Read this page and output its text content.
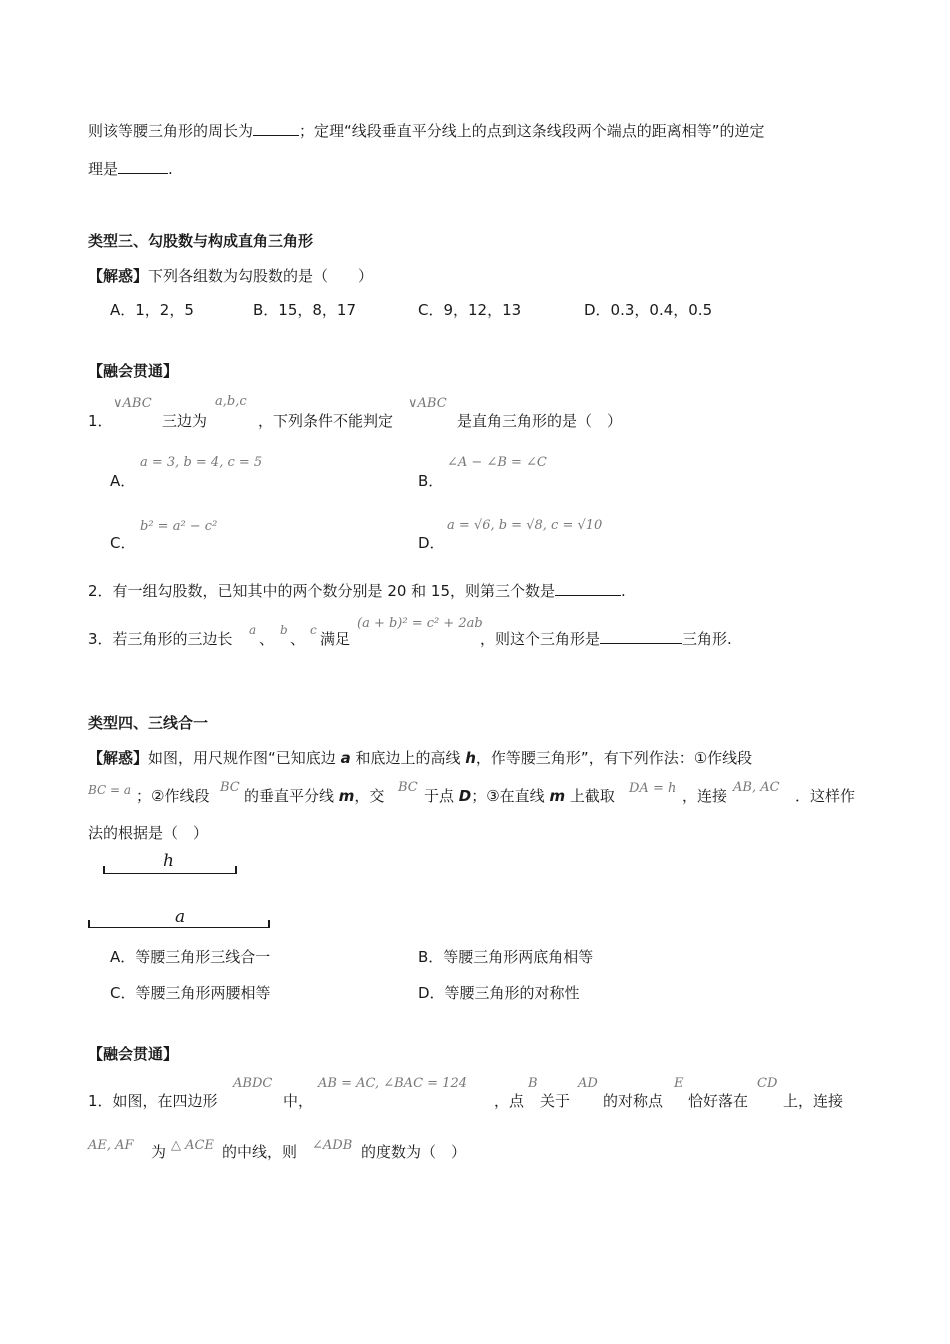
则该等腰三角形的周长为	；定理“线段垂直平分线上的点到这条线段两个端点的距离相等”的逆定
理是	.
类型三、勾股数与构成直角三角形
【解惑】下列各组数为勾股数的是（　　）
A．1，2，5	B．15，8，17	C．9，12，13	D．0.3，0.4，0.5
【融会贯通】
1．
∨ABC
三边为
a,b,c
，下列条件不能判定
∨ABC
是直角三角形的是（　）
A．
a = 3, b = 4, c = 5
B．
∠A − ∠B = ∠C
C．
b² = a² − c²
D．
a = √6, b = √8, c = √10
2．有一组勾股数，已知其中的两个数分别是 20 和 15，则第三个数是	.
3．若三角形的三边长 a 、 b 、 c 满足
(a + b)² = c² + 2ab
，则这个三角形是	三角形.
类型四、三线合一
【解惑】如图，用尺规作图“已知底边 a 和底边上的高线 h，作等腰三角形”，有下列作法：①作线段
BC = a ；②作线段 BC 的垂直平分线 m，交 BC 于点 D；③在直线 m 上截取 DA = h ，连接 AB, AC ．这样作
法的根据是（　）
h
a
A．等腰三角形三线合一	B．等腰三角形两底角相等
C．等腰三角形两腰相等	D．等腰三角形的对称性
【融会贯通】
1．如图，在四边形
ABDC
中，
AB = AC, ∠BAC = 124
，点
B
关于
AD
的对称点
E
恰好落在
CD
上，连接
AE, AF 为 △ ACE 的中线，则 ∠ADB 的度数为（　）
